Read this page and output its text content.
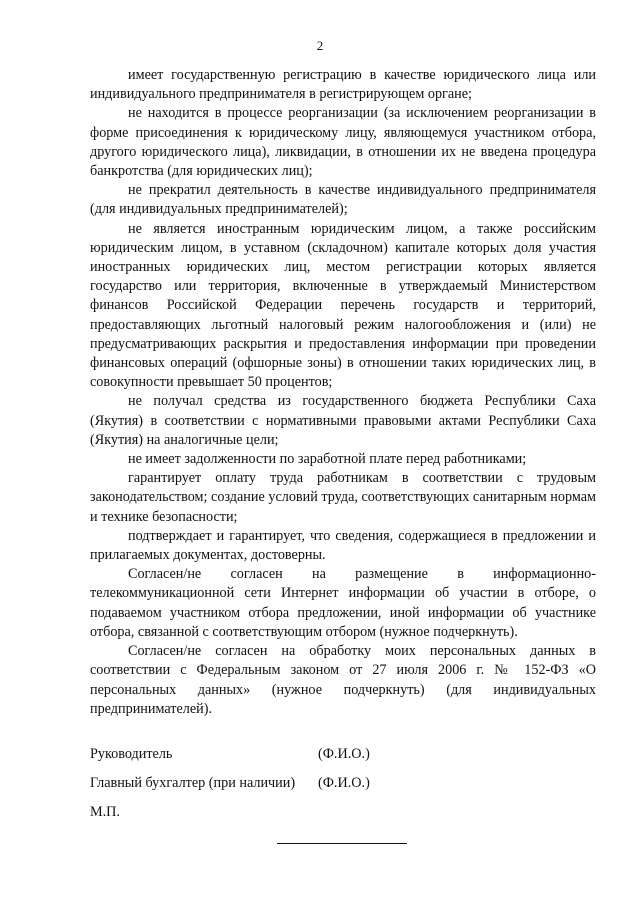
2

имеет государственную регистрацию в качестве юридического лица или индивидуального предпринимателя в регистрирующем органе;

не находится в процессе реорганизации (за исключением реорганизации в форме присоединения к юридическому лицу, являющемуся участником отбора, другого юридического лица), ликвидации, в отношении их не введена процедура банкротства (для юридических лиц);

не прекратил деятельность в качестве индивидуального предпринимателя (для индивидуальных предпринимателей);

не является иностранным юридическим лицом, а также российским юридическим лицом, в уставном (складочном) капитале которых доля участия иностранных юридических лиц, местом регистрации которых является государство или территория, включенные в утверждаемый Министерством финансов Российской Федерации перечень государств и территорий, предоставляющих льготный налоговый режим налогообложения и (или) не предусматривающих раскрытия и предоставления информации при проведении финансовых операций (офшорные зоны) в отношении таких юридических лиц, в совокупности превышает 50 процентов;

не получал средства из государственного бюджета Республики Саха (Якутия) в соответствии с нормативными правовыми актами Республики Саха (Якутия) на аналогичные цели;

не имеет задолженности по заработной плате перед работниками;

гарантирует оплату труда работникам в соответствии с трудовым законодательством; создание условий труда, соответствующих санитарным нормам и технике безопасности;

подтверждает и гарантирует, что сведения, содержащиеся в предложении и прилагаемых документах, достоверны.

Согласен/не согласен на размещение в информационно-телекоммуникационной сети Интернет информации об участии в отборе, о подаваемом участником отбора предложении, иной информации об участнике отбора, связанной с соответствующим отбором (нужное подчеркнуть).

Согласен/не согласен на обработку моих персональных данных в соответствии с Федеральным законом от 27 июля 2006 г. № 152-ФЗ «О персональных данных» (нужное подчеркнуть) (для индивидуальных предпринимателей).

Руководитель	(Ф.И.О.)
Главный бухгалтер (при наличии) (Ф.И.О.)
М.П.
